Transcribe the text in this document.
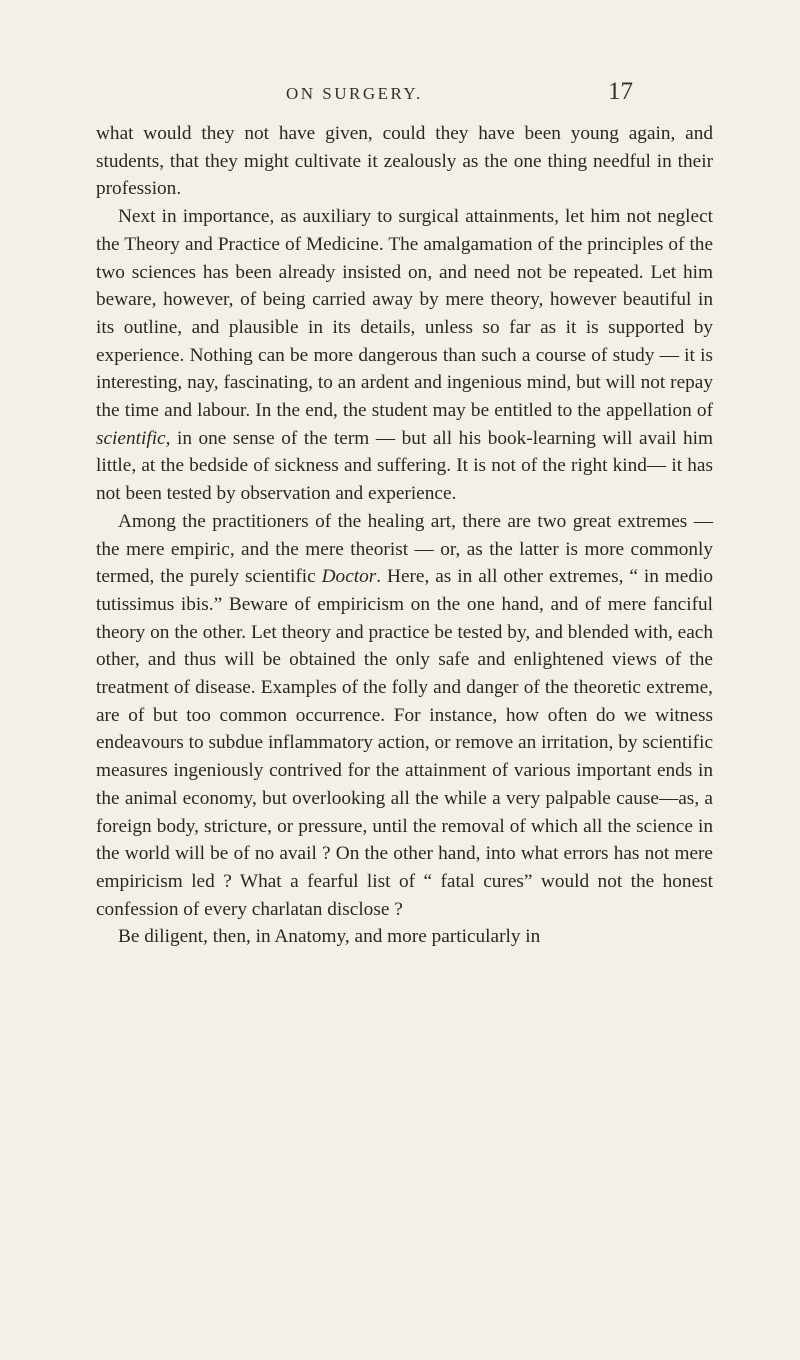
ON SURGERY.	17

what would they not have given, could they have been young again, and students, that they might cultivate it zealously as the one thing needful in their profession.

Next in importance, as auxiliary to surgical attainments, let him not neglect the Theory and Practice of Medicine. The amalgamation of the principles of the two sciences has been already insisted on, and need not be repeated. Let him beware, however, of being carried away by mere theory, however beautiful in its outline, and plausible in its details, unless so far as it is supported by experience. Nothing can be more dangerous than such a course of study — it is interesting, nay, fascinating, to an ardent and ingenious mind, but will not repay the time and labour. In the end, the student may be entitled to the appellation of scientific, in one sense of the term — but all his book-learning will avail him little, at the bedside of sickness and suffering. It is not of the right kind— it has not been tested by observation and experience.

Among the practitioners of the healing art, there are two great extremes — the mere empiric, and the mere theorist — or, as the latter is more commonly termed, the purely scientific Doctor. Here, as in all other extremes, “ in medio tutissimus ibis.” Beware of empiricism on the one hand, and of mere fanciful theory on the other. Let theory and practice be tested by, and blended with, each other, and thus will be obtained the only safe and enlightened views of the treatment of disease. Examples of the folly and danger of the theoretic extreme, are of but too common occurrence. For instance, how often do we witness endeavours to subdue inflammatory action, or remove an irritation, by scientific measures ingeniously contrived for the attainment of various important ends in the animal economy, but overlooking all the while a very palpable cause—as, a foreign body, stricture, or pressure, until the removal of which all the science in the world will be of no avail ? On the other hand, into what errors has not mere empiricism led ? What a fearful list of “ fatal cures” would not the honest confession of every charlatan disclose ?

Be diligent, then, in Anatomy, and more particularly in
